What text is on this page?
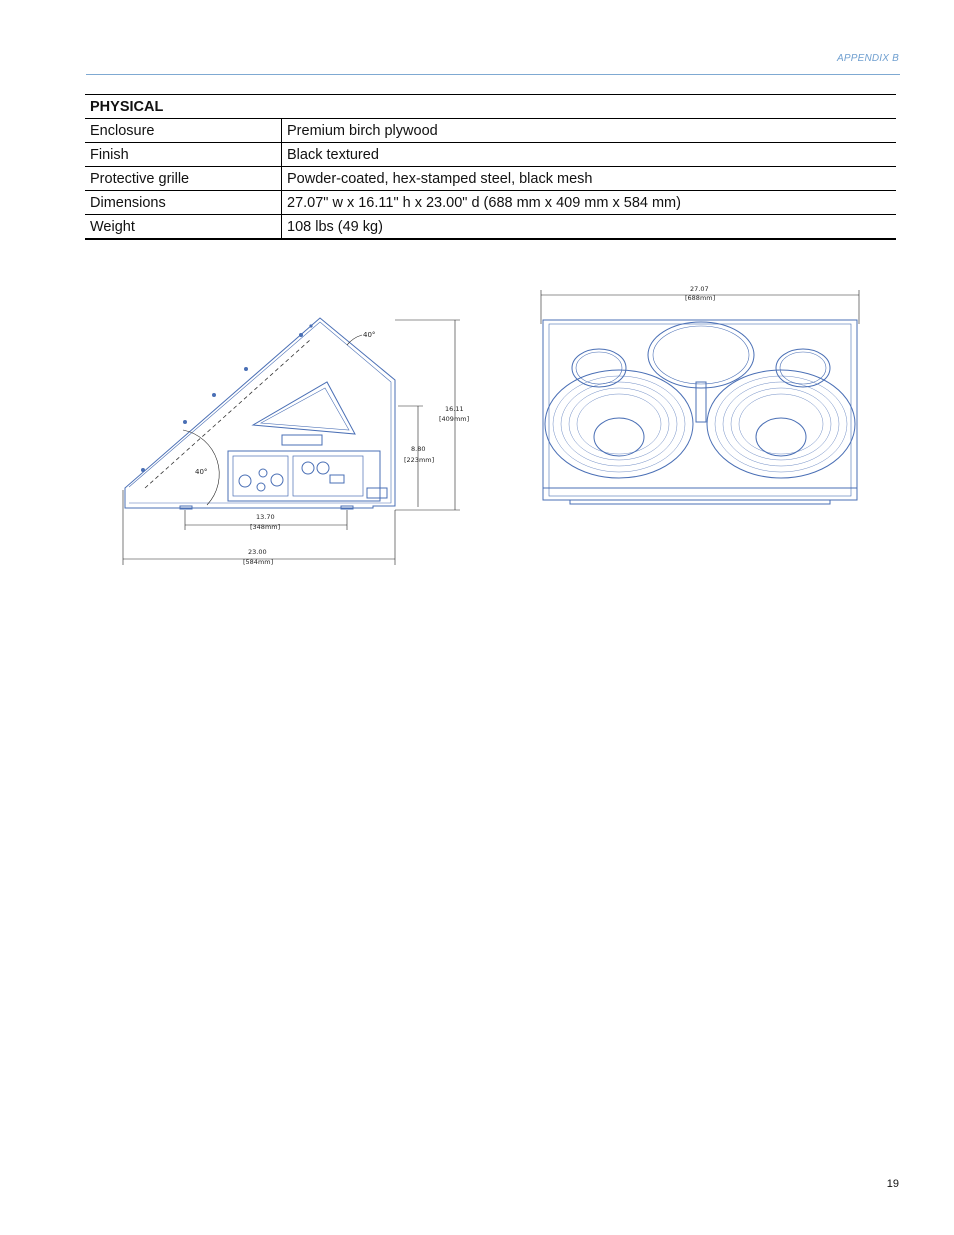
APPENDIX B
PHYSICAL	
Enclosure	Premium birch plywood
Finish	Black textured
Protective grille	Powder-coated, hex-stamped steel, black mesh
Dimensions	27.07" w x 16.11" h x 23.00" d (688 mm x 409 mm x 584 mm)
Weight	108 lbs (49 kg)
40°
40°
16.11
[409mm]
8.80
[223mm]
13.70
[348mm]
23.00
[584mm]
27.07
[688mm]
19
